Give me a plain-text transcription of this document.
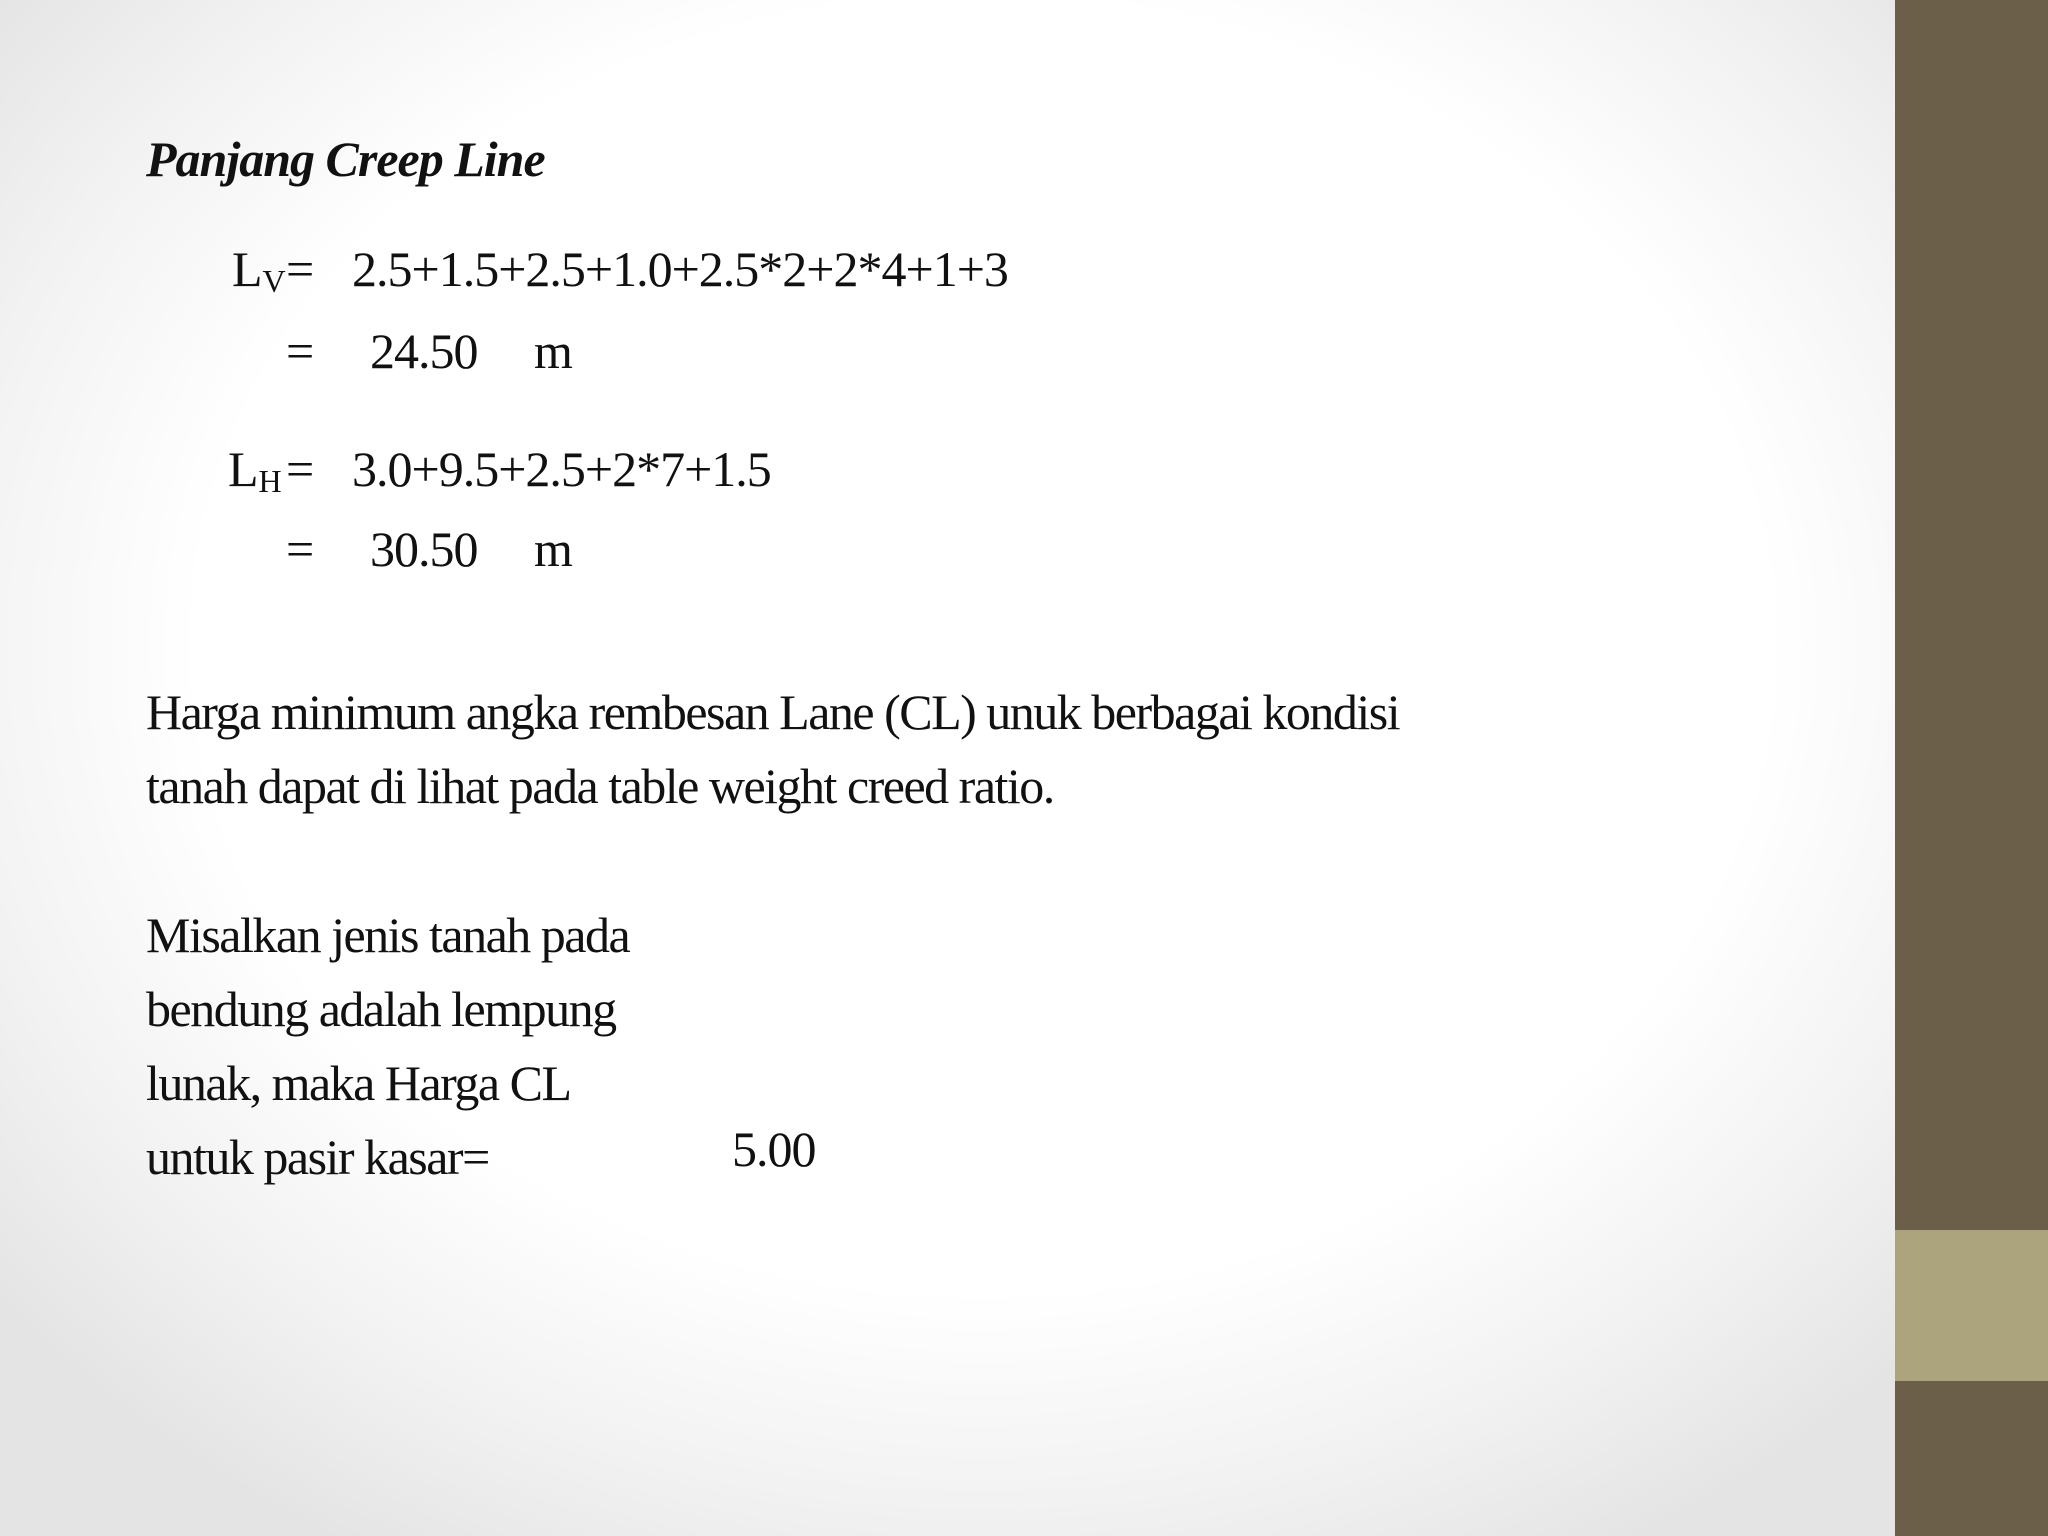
Panjang Creep Line
$L_V = 2.5+1.5+2.5+1.0+2.5*2+2*4+1+3$
= 24.50 m
$L_H = 3.0+9.5+2.5+2*7+1.5$
= 30.50 m

Harga minimum angka rembesan Lane (CL) unuk berbagai kondisi

tanah dapat di lihat pada table weight creed ratio.

Misalkan jenis tanah pada

bendung adalah lempung

lunak, maka Harga CL

untuk pasir kasar=	5.00
